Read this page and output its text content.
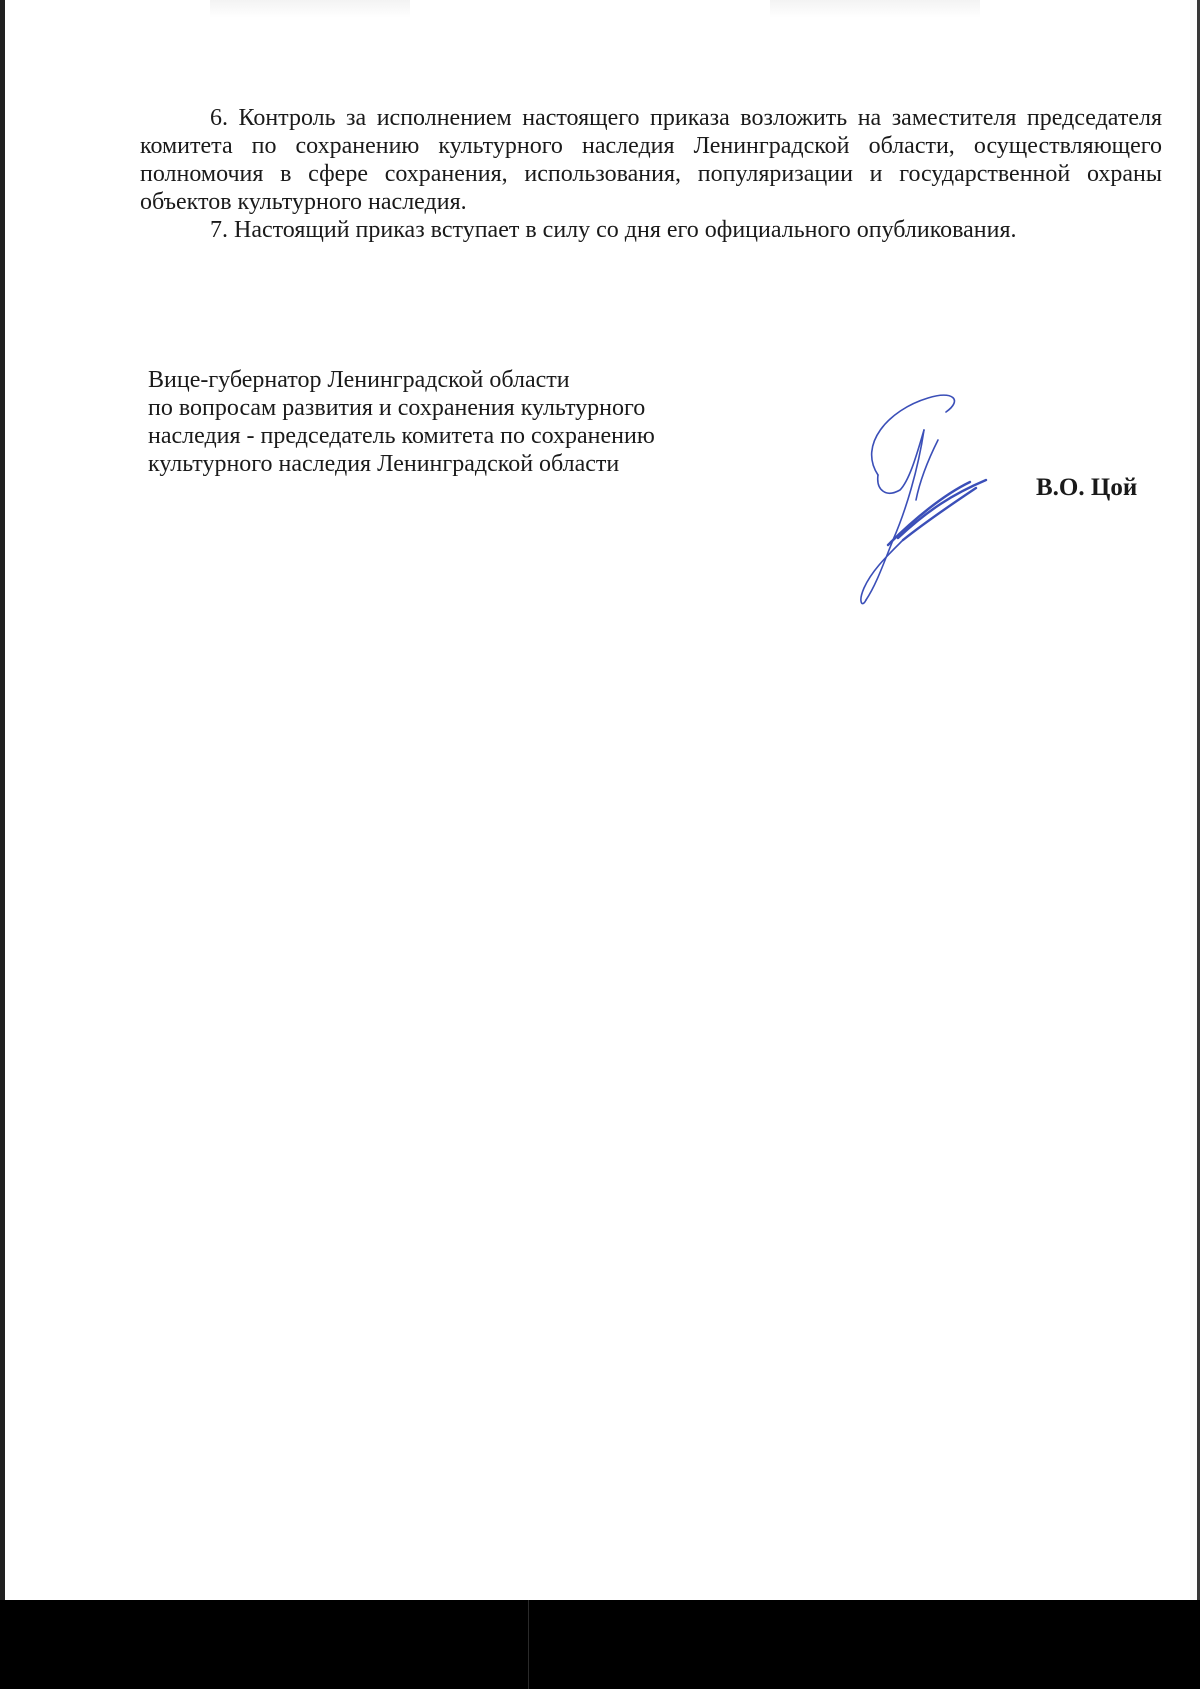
6. Контроль за исполнением настоящего приказа возложить на заместителя председателя комитета по сохранению культурного наследия Ленинградской области, осуществляющего полномочия в сфере сохранения, использования, популяризации и государственной охраны объектов культурного наследия.

7. Настоящий приказ вступает в силу со дня его официального опубликования.

Вице-губернатор Ленинградской области
по вопросам развития и сохранения культурного
наследия - председатель комитета по сохранению
культурного наследия Ленинградской области
В.О. Цой
